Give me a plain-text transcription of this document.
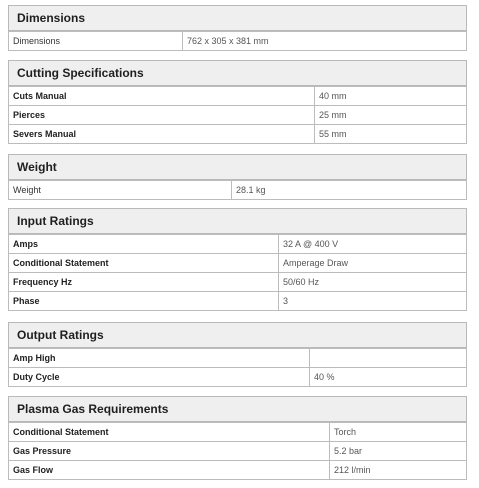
Dimensions
Dimensions	762 x 305 x 381 mm
Cutting Specifications
Cuts Manual	40 mm
Pierces	25 mm
Severs Manual	55 mm
Weight
Weight	28.1 kg
Input Ratings
Amps	32 A @ 400 V
Conditional Statement	Amperage Draw
Frequency Hz	50/60 Hz
Phase	3
Output Ratings
Amp High	
Duty Cycle	40 %
Plasma Gas Requirements
Conditional Statement	Torch
Gas Pressure	5.2 bar
Gas Flow	212 l/min
